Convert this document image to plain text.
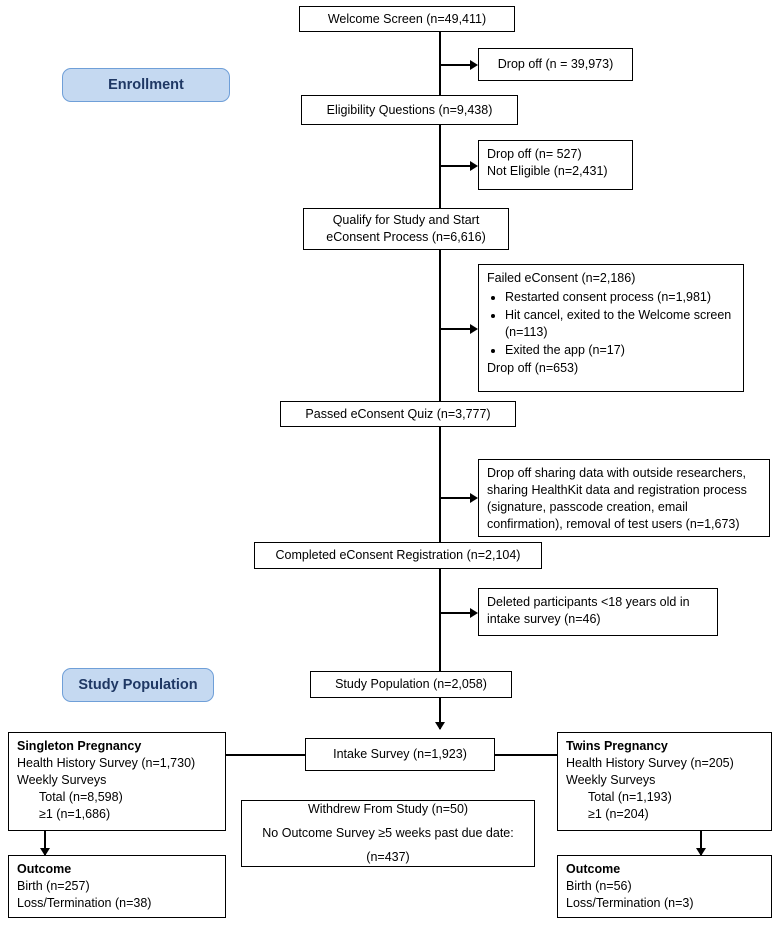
Enrollment
Study Population
Welcome Screen (n=49,411)
Drop off (n = 39,973)
Eligibility Questions (n=9,438)
Drop off (n= 527)
Not Eligible (n=2,431)
Qualify for Study and Start
eConsent Process (n=6,616)
Failed eConsent (n=2,186)
• Restarted consent process (n=1,981)
• Hit cancel, exited to the Welcome screen (n=113)
• Exited the app (n=17)
Drop off (n=653)
Passed eConsent Quiz (n=3,777)
Drop off sharing data with outside researchers, sharing HealthKit data and registration process (signature, passcode creation, email confirmation), removal of test users (n=1,673)
Completed eConsent Registration (n=2,104)
Deleted participants <18 years old in
intake survey (n=46)
Study Population (n=2,058)
Intake Survey (n=1,923)
Singleton Pregnancy
Health History Survey (n=1,730)
Weekly Surveys
Total (n=8,598)
≥1 (n=1,686)
Twins Pregnancy
Health History Survey (n=205)
Weekly Surveys
Total (n=1,193)
≥1 (n=204)
Withdrew From Study (n=50)
No Outcome Survey ≥5 weeks past due date:
(n=437)
Outcome
Birth (n=257)
Loss/Termination (n=38)
Outcome
Birth (n=56)
Loss/Termination (n=3)
